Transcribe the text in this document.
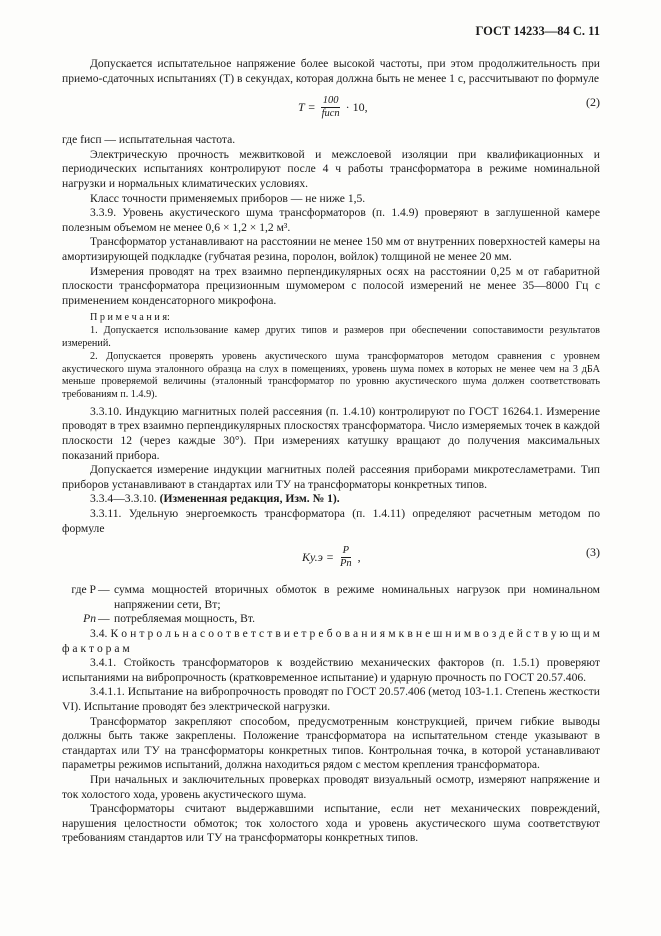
ГОСТ 14233—84 С. 11

Допускается испытательное напряжение более высокой частоты, при этом продолжительность при приемо-сдаточных испытаниях (T) в секундах, которая должна быть не менее 1 с, рассчитывают по формуле

$T = \frac{100}{\text{fисп}} \cdot 10$,	(2)

где fисп — испытательная частота.

Электрическую прочность межвитковой и межслоевой изоляции при квалификационных и периодических испытаниях контролируют после 4 ч работы трансформатора в режиме номинальной нагрузки и нормальных климатических условиях.

Класс точности применяемых приборов — не ниже 1,5.

3.3.9. Уровень акустического шума трансформаторов (п. 1.4.9) проверяют в заглушенной камере полезным объемом не менее 0,6 × 1,2 × 1,2 м³.

Трансформатор устанавливают на расстоянии не менее 150 мм от внутренних поверхностей камеры на амортизирующей подкладке (губчатая резина, поролон, войлок) толщиной не менее 20 мм.

Измерения проводят на трех взаимно перпендикулярных осях на расстоянии 0,25 м от габаритной плоскости трансформатора прецизионным шумомером с полосой измерений не менее 35—8000 Гц с применением конденсаторного микрофона.

П р и м е ч а н и я:

1. Допускается использование камер других типов и размеров при обеспечении сопоставимости результатов измерений.

2. Допускается проверять уровень акустического шума трансформаторов методом сравнения с уровнем акустического шума эталонного образца на слух в помещениях, уровень шума помех в которых не менее чем на 3 дБА меньше проверяемой величины (эталонный трансформатор по уровню акустического шума должен соответствовать требованиям п. 1.4.9).

3.3.10. Индукцию магнитных полей рассеяния (п. 1.4.10) контролируют по ГОСТ 16264.1. Измерение проводят в трех взаимно перпендикулярных плоскостях трансформатора. Число измеряемых точек в каждой плоскости 12 (через каждые 30°). При измерениях катушку вращают до получения максимальных показаний прибора.

Допускается измерение индукции магнитных полей рассеяния приборами микротесламетрами. Тип приборов устанавливают в стандартах или ТУ на трансформаторы конкретных типов.

3.3.4—3.3.10. (Измененная редакция, Изм. № 1).

3.3.11. Удельную энергоемкость трансформатора (п. 1.4.11) определяют расчетным методом по формуле

$Kу.э = \frac{P}{Pп}$ ,	(3)
где P — сумма мощностей вторичных обмоток в режиме номинальных нагрузок при номинальном напряжении сети, Вт;
Pп — потребляемая мощность, Вт.

3.4. К о н т р о л ь н а с о о т в е т с т в и е т р е б о в а н и я м к в н е ш н и м в о з д е й с т в у ю щ и м ф а к т о р а м

3.4.1. Стойкость трансформаторов к воздействию механических факторов (п. 1.5.1) проверяют испытаниями на вибропрочность (кратковременное испытание) и ударную прочность по ГОСТ 20.57.406.

3.4.1.1. Испытание на вибропрочность проводят по ГОСТ 20.57.406 (метод 103-1.1. Степень жесткости VI). Испытание проводят без электрической нагрузки.

Трансформатор закрепляют способом, предусмотренным конструкцией, причем гибкие выводы должны быть также закреплены. Положение трансформатора на испытательном стенде указывают в стандартах или ТУ на трансформаторы конкретных типов. Контрольная точка, в которой устанавливают параметры режимов испытаний, должна находиться рядом с местом крепления трансформатора.

При начальных и заключительных проверках проводят визуальный осмотр, измеряют напряжение и ток холостого хода, уровень акустического шума.

Трансформаторы считают выдержавшими испытание, если нет механических повреждений, нарушения целостности обмоток; ток холостого хода и уровень акустического шума соответствуют требованиям стандартов или ТУ на трансформаторы конкретных типов.
